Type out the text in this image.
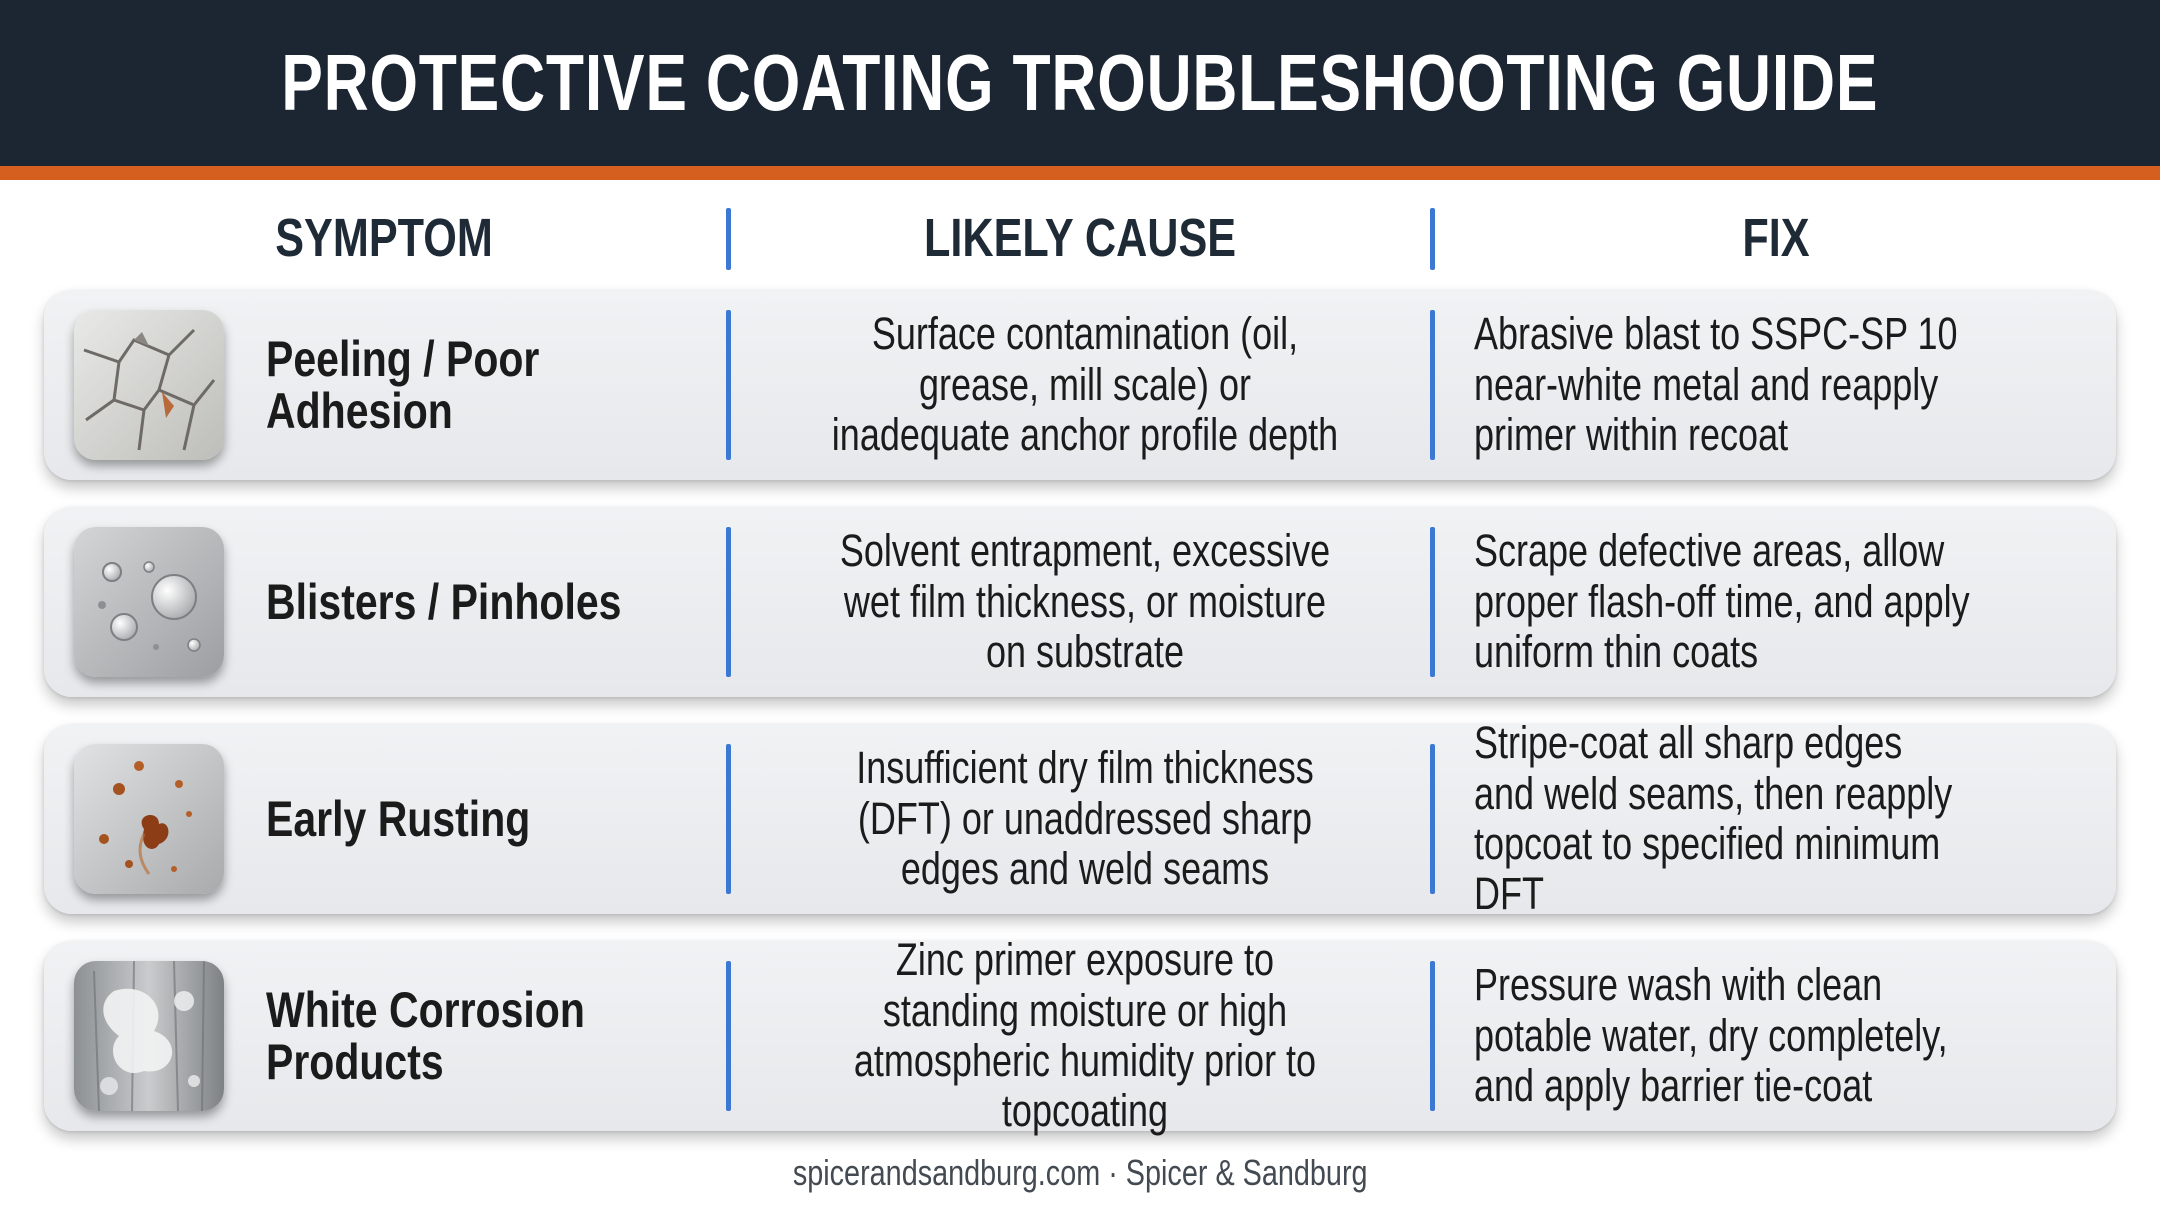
PROTECTIVE COATING TROUBLESHOOTING GUIDE
SYMPTOM	LIKELY CAUSE	FIX
Peeling / Poor Adhesion
Surface contamination (oil, grease, mill scale) or inadequate anchor profile depth
Abrasive blast to SSPC-SP 10 near-white metal and reapply primer within recoat
Blisters / Pinholes
Solvent entrapment, excessive wet film thickness, or moisture on substrate
Scrape defective areas, allow proper flash-off time, and apply uniform thin coats
Early Rusting
Insufficient dry film thickness (DFT) or unaddressed sharp edges and weld seams
Stripe-coat all sharp edges and weld seams, then reapply topcoat to specified minimum DFT
White Corrosion Products
Zinc primer exposure to standing moisture or high atmospheric humidity prior to topcoating
Pressure wash with clean potable water, dry completely, and apply barrier tie-coat
spicerandsandburg.com · Spicer & Sandburg
